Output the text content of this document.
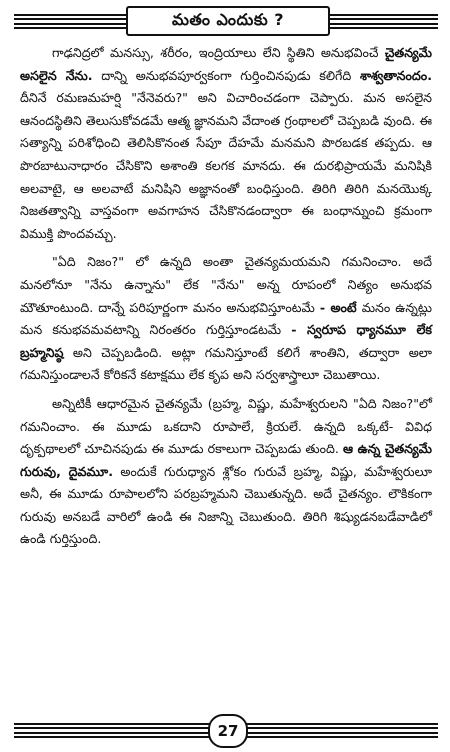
మతం ఎందుకు ?

గాఢనిద్రలో మనస్సు, శరీరం, ఇంద్రియాలు లేని స్థితిని అనుభవించే చైతన్యమే అసలైన నేను. దాన్ని అనుభవపూర్వకంగా గుర్తించినపుడు కలిగేది శాశ్వతానందం. దీనినే రమణమహర్షి "నేనెవరు?" అని విచారించడంగా చెప్పారు. మన అసలైన ఆనందస్థితిని తెలుసుకోవడమే ఆత్మ జ్ఞానమని వేదాంత గ్రంథాలలో చెప్పబడి వుంది. ఈ సత్యాన్ని పరిశోధించి తెలిసికొనంత సేపూ దేహమే మనమని పొరబడక తప్పదు. ఆ పొరబాటునాధారం చేసికొని అశాంతి కలగక మానదు. ఈ దురభిప్రాయమే మనిషికి అలవాటై, ఆ అలవాటే మనిషిని అజ్ఞానంతో బంధిస్తుంది. తిరిగి తిరిగి మనయొక్క నిజతత్వాన్ని వాస్తవంగా అవగాహన చేసికొనడంద్వారా ఈ బంధాన్నుంచి క్రమంగా విముక్తి పొందవచ్చు.

"ఏది నిజం?" లో ఉన్నది అంతా చైతన్యమయమని గమనించాం. అదే మనలోనూ "నేను ఉన్నాను" లేక "నేను" అన్న రూపంలో నిత్యం అనుభవ మౌతూంటుంది. దాన్నే పరిపూర్ణంగా మనం అనుభవిస్తూంటమే - అంటే మనం ఉన్నట్లు మన కనుభవమవటాన్ని నిరంతరం గుర్తిస్తూండటమే - స్వరూప ధ్యానమూ లేక బ్రహ్మనిష్ఠ అని చెప్పబడింది. అట్లా గమనిస్తూంటే కలిగే శాంతిని, తద్వారా అలా గమనిస్తుండాలనే కోరికనే కటాక్షము లేక కృప అని సర్వశాస్త్రాలూ చెబుతాయి.

అన్నిటికీ ఆధారమైన చైతన్యమే (బ్రహ్మ, విష్ణు, మహేశ్వరులని "ఏది నిజం?"లో గమనించాం. ఈ మూడు ఒకదాని రూపాలే, క్రియలే. ఉన్నది ఒక్కటే- వివిధ దృక్పథాలలో చూచినపుడు ఈ మూడు రకాలుగా చెప్పబడు తుంది. ఆ ఉన్న చైతన్యమే గురువు, దైవమూ. అందుకే గురుధ్యాన శ్లోకం గురువే బ్రహ్మ, విష్ణు, మహేశ్వరులూ అనీ, ఈ మూడు రూపాలలోని పరబ్రహ్మమని చెబుతున్నది. అదే చైతన్యం. లౌకికంగా గురువు అనబడే వారిలో ఉండి ఈ నిజాన్ని చెబుతుంది. తిరిగి శిష్యుడనబడేవాడిలో ఉండి గుర్తిస్తుంది.

27
